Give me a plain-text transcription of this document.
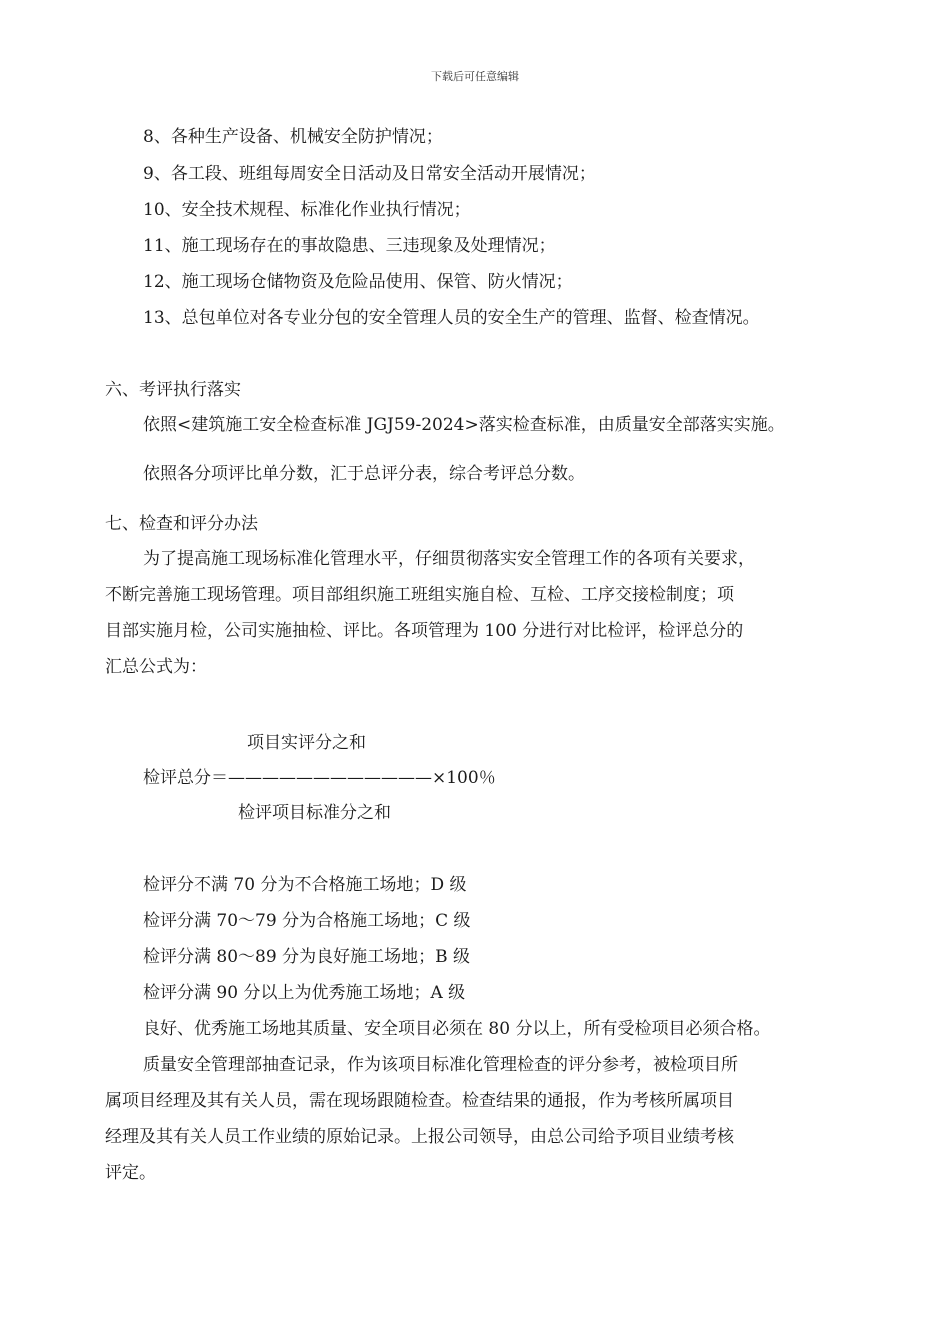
下载后可任意编辑
8、各种生产设备、机械安全防护情况；
9、各工段、班组每周安全日活动及日常安全活动开展情况；
10、安全技术规程、标准化作业执行情况；
11、施工现场存在的事故隐患、三违现象及处理情况；
12、施工现场仓储物资及危险品使用、保管、防火情况；
13、总包单位对各专业分包的安全管理人员的安全生产的管理、监督、检查情况。
六、考评执行落实
依照<建筑施工安全检查标准 JGJ59-2024>落实检查标准，由质量安全部落实实施。
依照各分项评比单分数，汇于总评分表，综合考评总分数。
七、检查和评分办法
为了提高施工现场标准化管理水平，仔细贯彻落实安全管理工作的各项有关要求，
不断完善施工现场管理。项目部组织施工班组实施自检、互检、工序交接检制度；项
目部实施月检，公司实施抽检、评比。各项管理为 100 分进行对比检评，检评总分的
汇总公式为：
项目实评分之和
检评总分＝————————————×100％
检评项目标准分之和
检评分不满 70 分为不合格施工场地；D 级
检评分满 70～79 分为合格施工场地；C 级
检评分满 80～89 分为良好施工场地；B 级
检评分满 90 分以上为优秀施工场地；A 级
良好、优秀施工场地其质量、安全项目必须在 80 分以上，所有受检项目必须合格。
质量安全管理部抽查记录，作为该项目标准化管理检查的评分参考，被检项目所
属项目经理及其有关人员，需在现场跟随检查。检查结果的通报，作为考核所属项目
经理及其有关人员工作业绩的原始记录。上报公司领导，由总公司给予项目业绩考核
评定。
